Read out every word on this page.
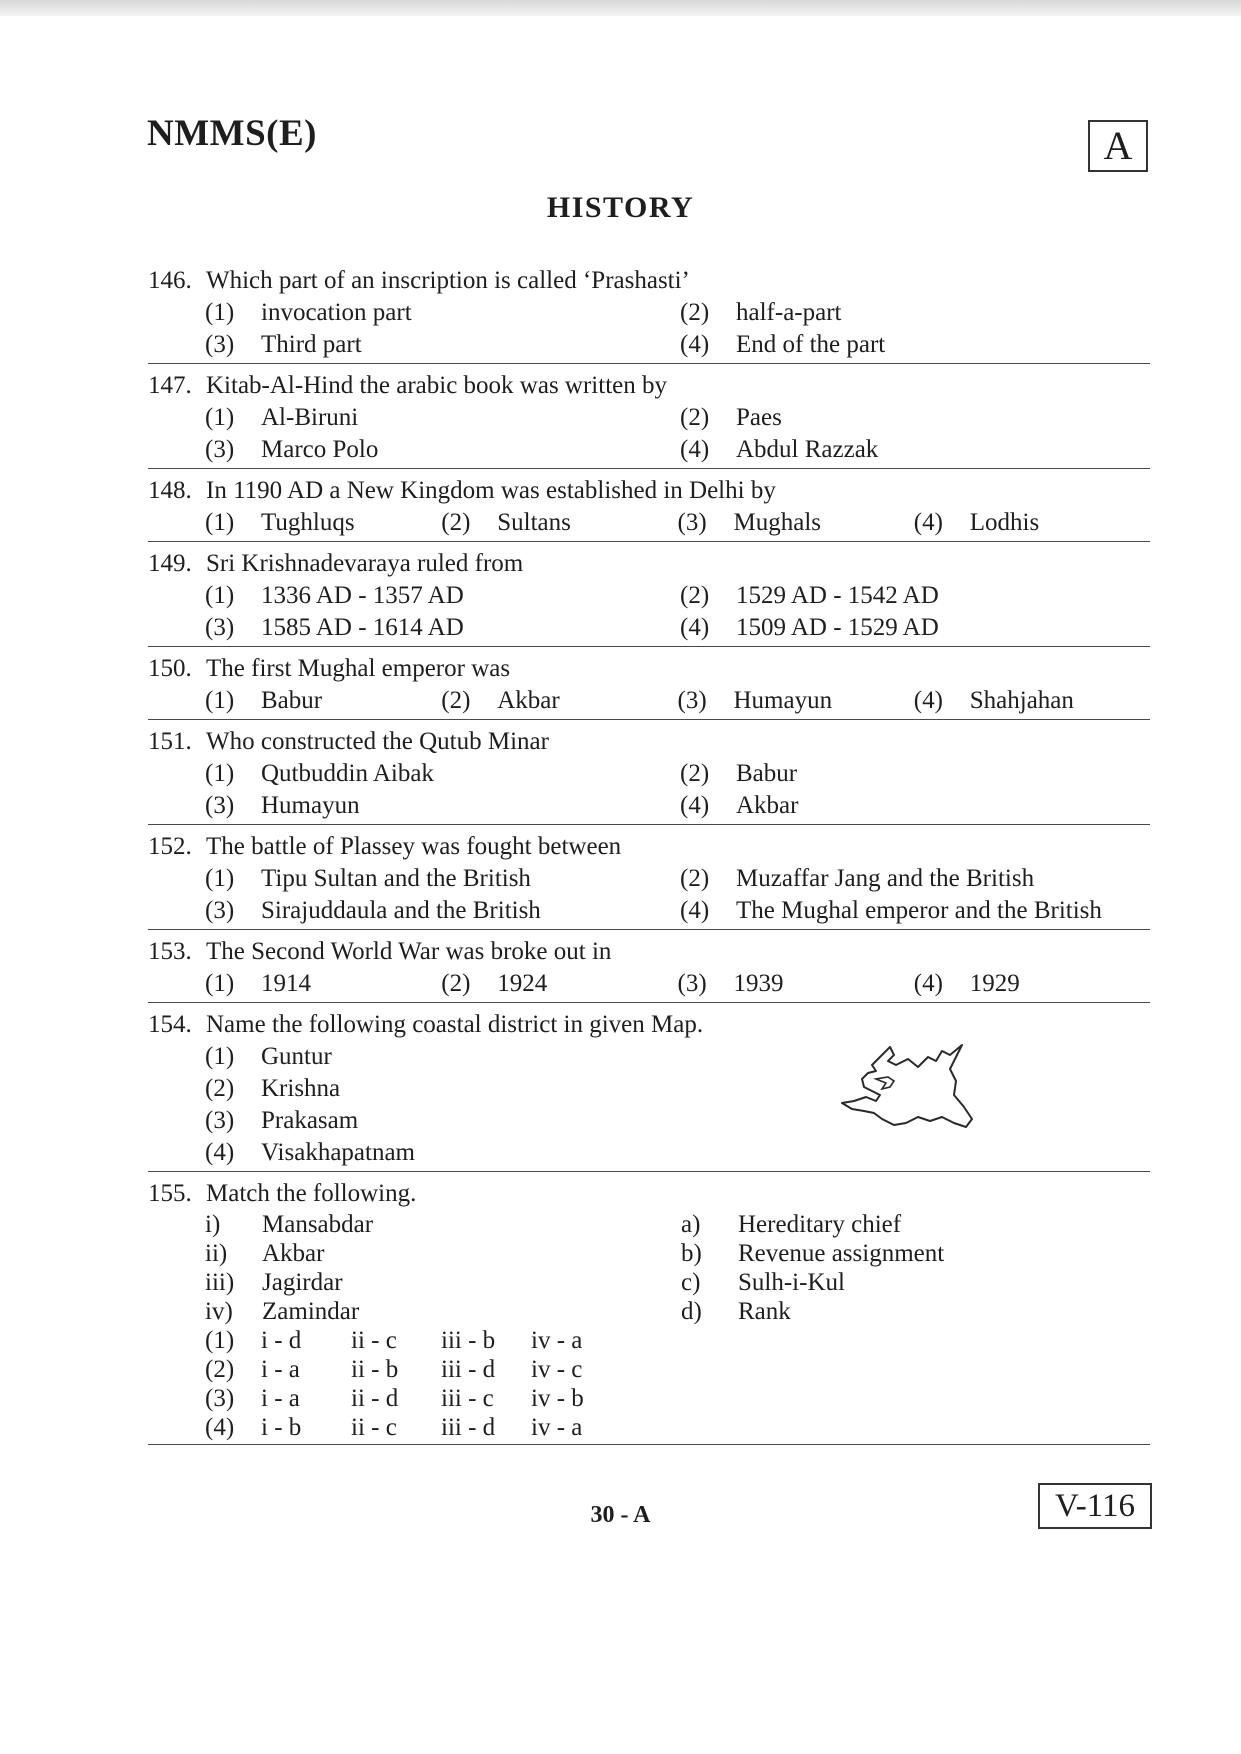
NMMS(E)	A
HISTORY
146. Which part of an inscription is called ‘Prashasti’
(1)	invocation part	(2)	half-a-part
(3)	Third part	(4)	End of the part
147. Kitab-Al-Hind the arabic book was written by
(1)	Al-Biruni	(2)	Paes
(3)	Marco Polo	(4)	Abdul Razzak
148. In 1190 AD a New Kingdom was established in Delhi by
(1)	Tughluqs	(2)	Sultans	(3)	Mughals	(4)	Lodhis
149. Sri Krishnadevaraya ruled from
(1)	1336 AD - 1357 AD	(2)	1529 AD - 1542 AD
(3)	1585 AD - 1614 AD	(4)	1509 AD - 1529 AD
150. The first Mughal emperor was
(1)	Babur	(2)	Akbar	(3)	Humayun	(4)	Shahjahan
151. Who constructed the Qutub Minar
(1)	Qutbuddin Aibak	(2)	Babur
(3)	Humayun	(4)	Akbar
152. The battle of Plassey was fought between
(1)	Tipu Sultan and the British	(2)	Muzaffar Jang and the British
(3)	Sirajuddaula and the British	(4)	The Mughal emperor and the British
153. The Second World War was broke out in
(1)	1914	(2)	1924	(3)	1939	(4)	1929
154. Name the following coastal district in given Map.
(1)	Guntur
(2)	Krishna
(3)	Prakasam
(4)	Visakhapatnam
155. Match the following.
i)	Mansabdar	a)	Hereditary chief
ii)	Akbar	b)	Revenue assignment
iii)	Jagirdar	c)	Sulh-i-Kul
iv)	Zamindar	d)	Rank
(1)	i - d	ii - c	iii - b	iv - a
(2)	i - a	ii - b	iii - d	iv - c
(3)	i - a	ii - d	iii - c	iv - b
(4)	i - b	ii - c	iii - d	iv - a
30 - A	V-116
